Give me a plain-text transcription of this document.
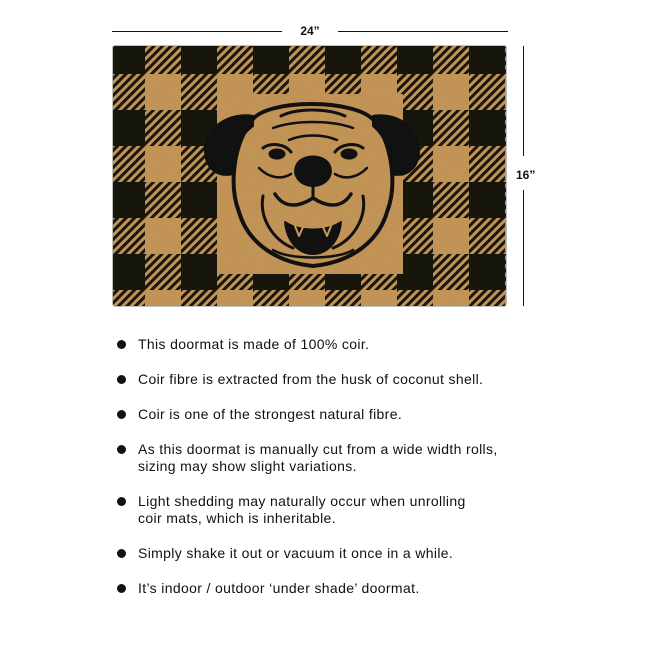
24”
16”
This doormat is made of 100% coir.
Coir fibre is extracted from the husk of coconut shell.
Coir is one of the strongest natural fibre.
As this doormat is manually cut from a wide width rolls,
sizing may show slight variations.
Light shedding may naturally occur when unrolling
coir mats, which is inheritable.
Simply shake it out or vacuum it once in a while.
It’s indoor / outdoor ‘under shade’ doormat.
